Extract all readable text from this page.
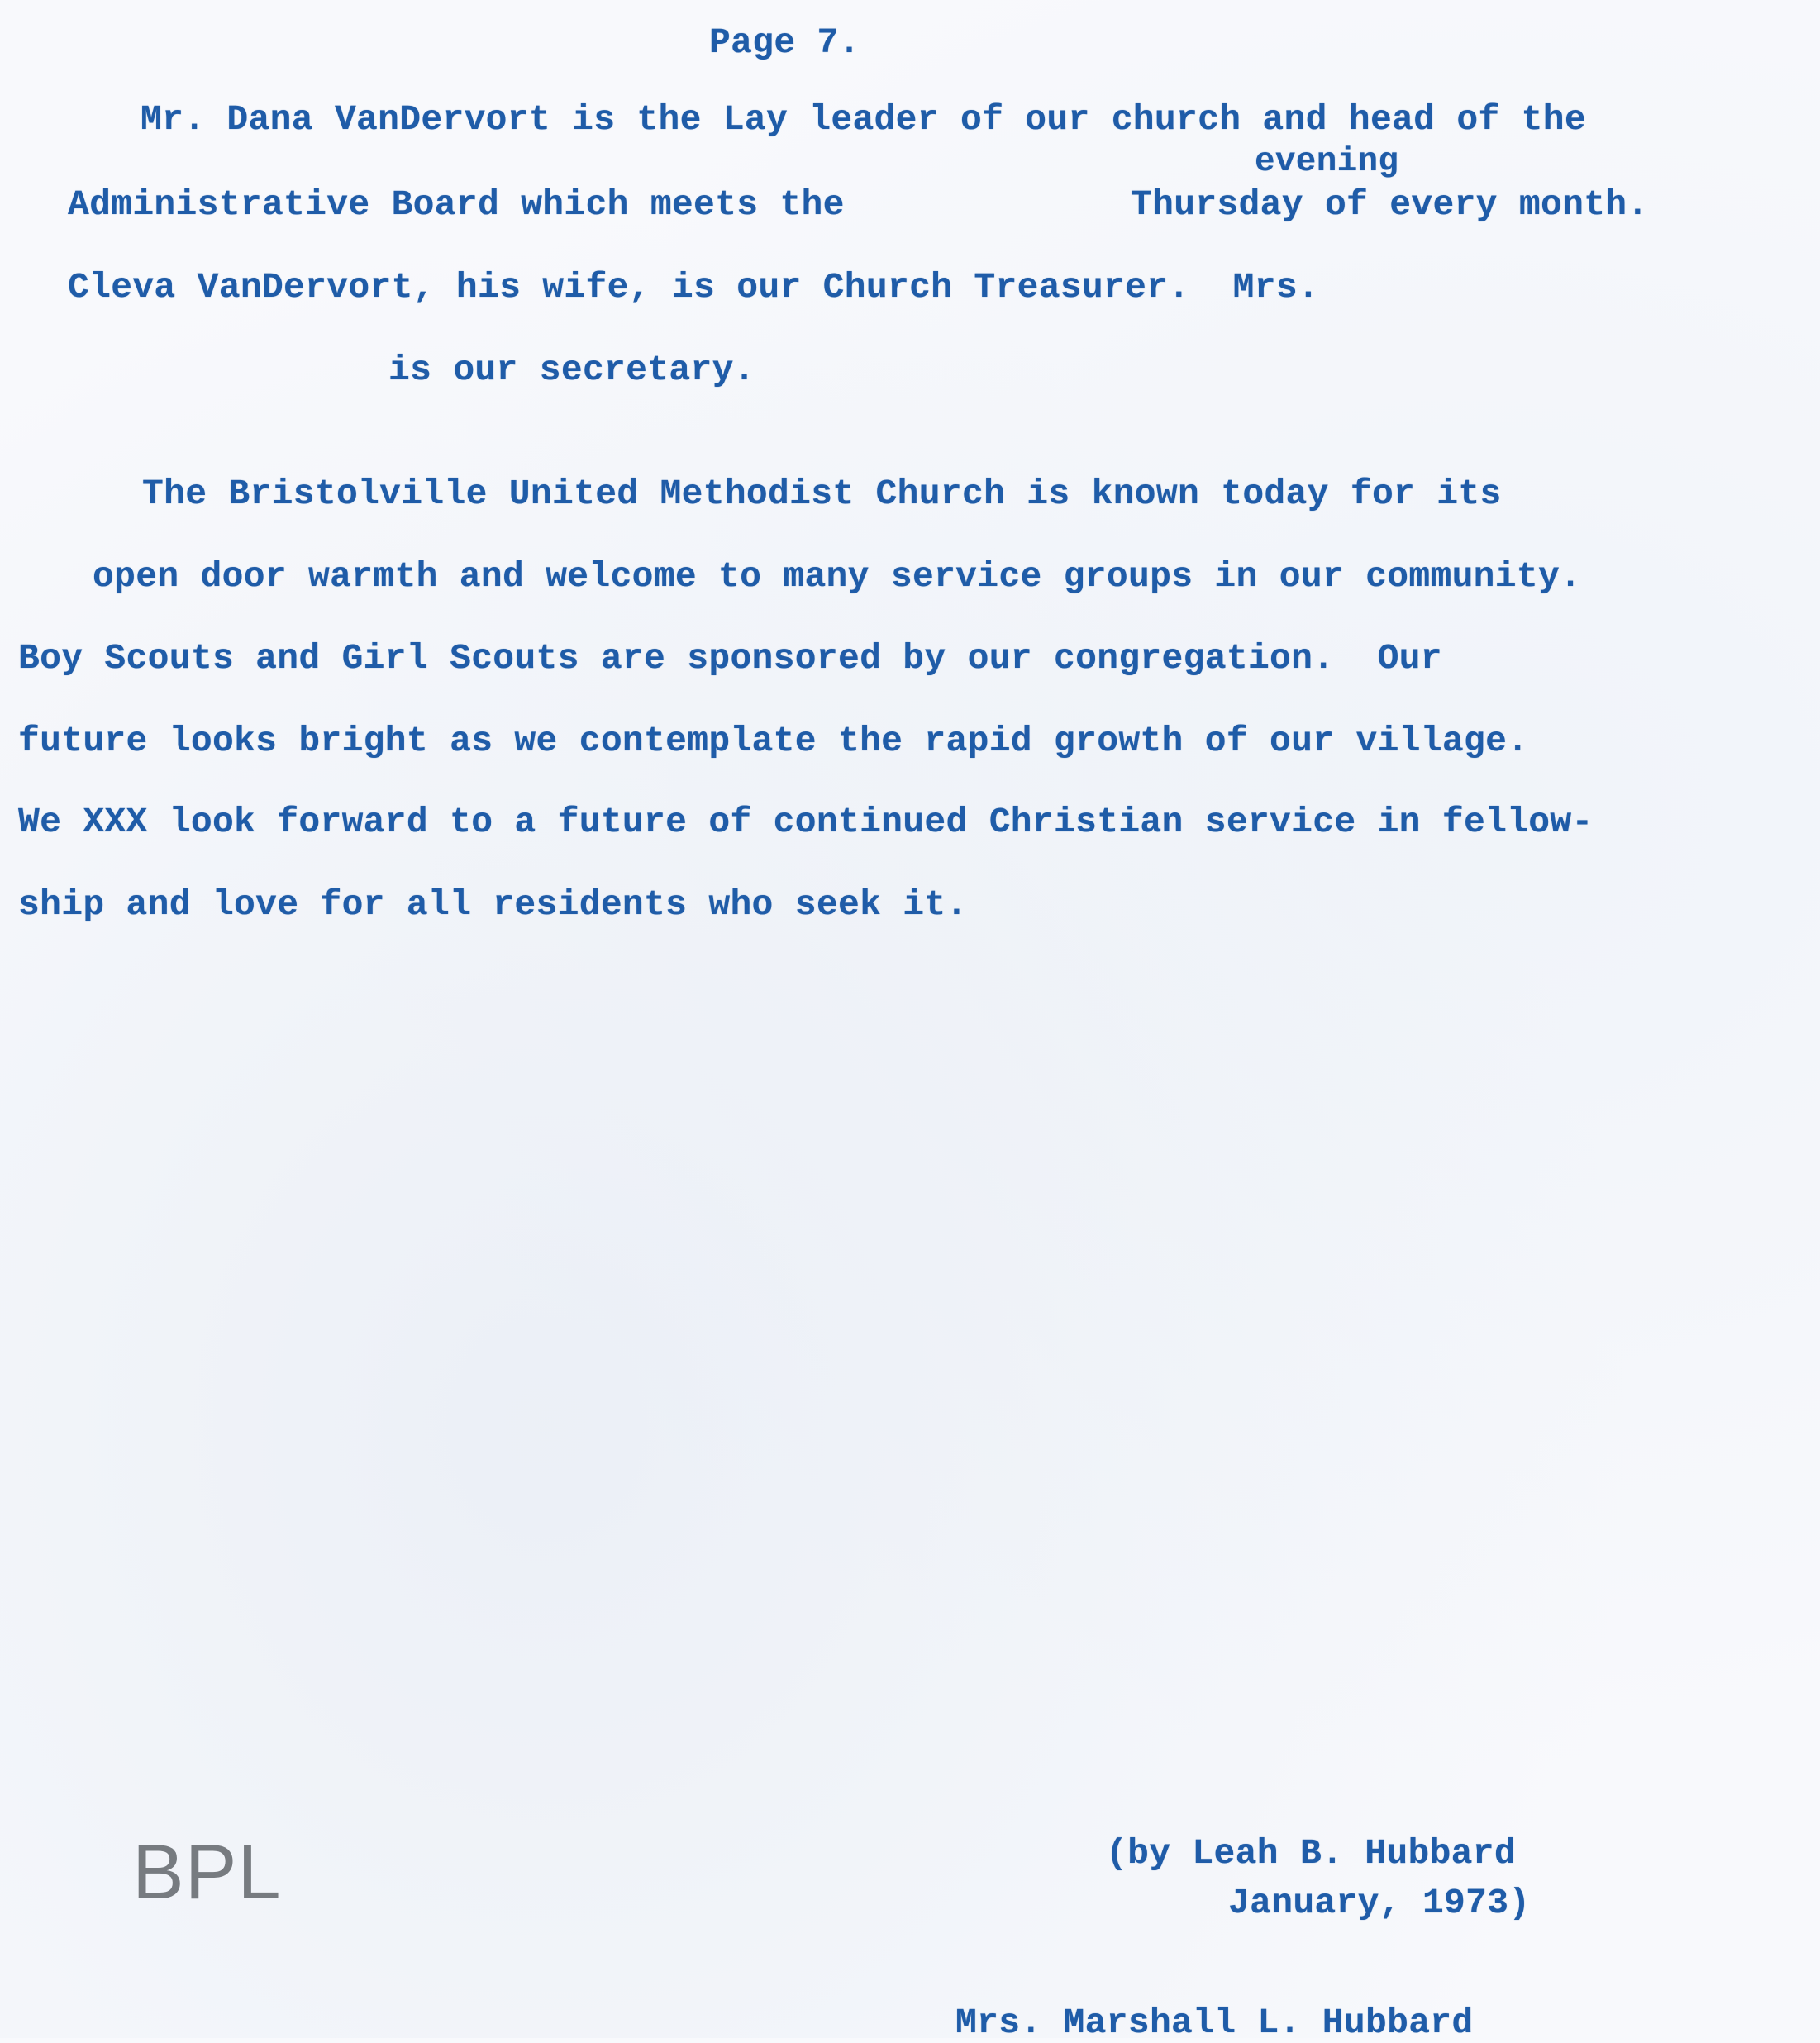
Page 7.

Mr. Dana VanDervort is the Lay leader of our church and head of the

evening

Administrative Board which meets the	Thursday of every month.

Cleva VanDervort, his wife, is our Church Treasurer.  Mrs.

is our secretary.

The Bristolville United Methodist Church is known today for its

open door warmth and welcome to many service groups in our community.

Boy Scouts and Girl Scouts are sponsored by our congregation.  Our

future looks bright as we contemplate the rapid growth of our village.

We XXX look forward to a future of continued Christian service in fellow-

ship and love for all residents who seek it.

(by Leah B. Hubbard

January, 1973)

Mrs. Marshall L. Hubbard

BPL
